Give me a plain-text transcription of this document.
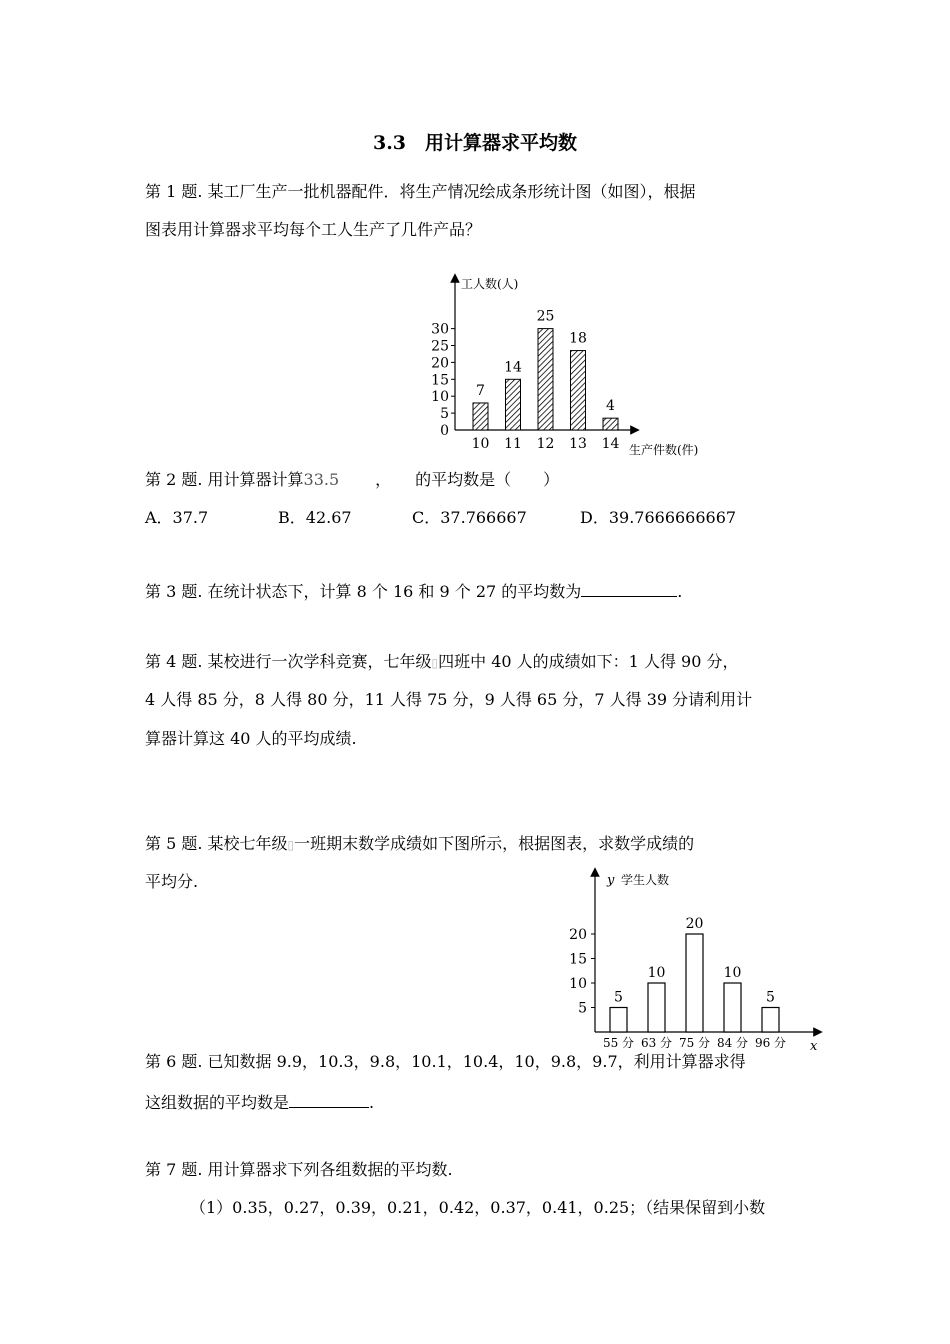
3.3　用计算器求平均数
第 1 题. 某工厂生产一批机器配件．将生产情况绘成条形统计图（如图），根据
图表用计算器求平均每个工人生产了几件产品？
工人数(人)
生产件数(件)
0
5
10
15
20
25
30
7
10
14
11
25
12
18
13
4
14
第 2 题. 用计算器计算33.5 ， 的平均数是（　　）
A．37.7	B．42.67	C．37.766667	D．39.7666666667
第 3 题. 在统计状态下，计算 8 个 16 和 9 个 27 的平均数为	.
第 4 题. 某校进行一次学科竞赛，七年级▯四班中 40 人的成绩如下：1 人得 90 分，
4 人得 85 分，8 人得 80 分，11 人得 75 分，9 人得 65 分，7 人得 39 分请利用计
算器计算这 40 人的平均成绩.
第 5 题. 某校七年级▯一班期末数学成绩如下图所示，根据图表，求数学成绩的
平均分.	y 学生人数
x
5
10
15
20
5
55 分
10
63 分
20
75 分
10
84 分
5
96 分
第 6 题. 已知数据 9.9，10.3，9.8，10.1，10.4，10，9.8，9.7，利用计算器求得
这组数据的平均数是	.
第 7 题. 用计算器求下列各组数据的平均数.
（1）0.35，0.27，0.39，0.21，0.42，0.37，0.41，0.25；（结果保留到小数
